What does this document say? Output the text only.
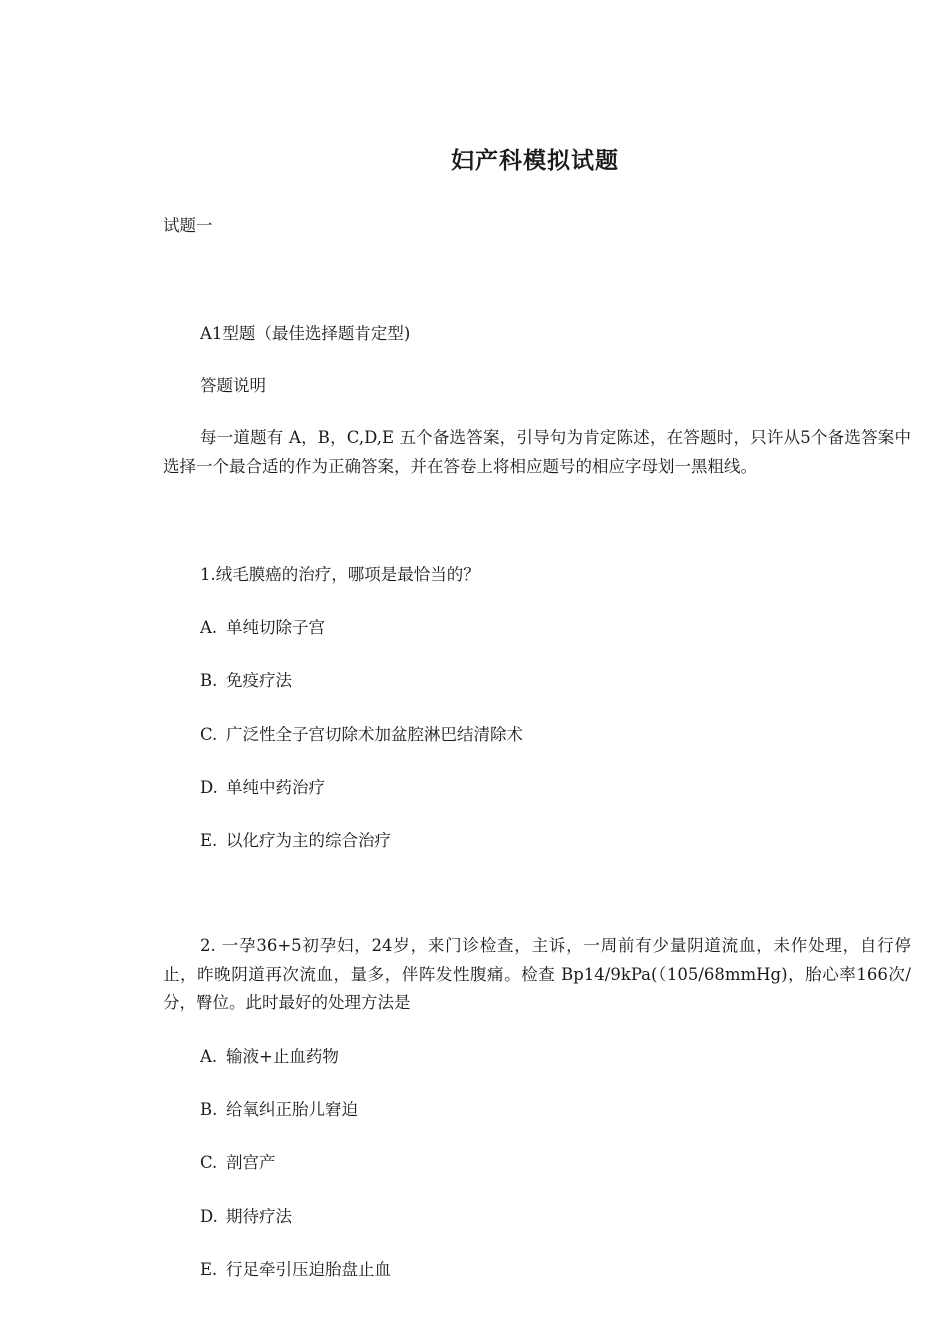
妇产科模拟试题
试题一
A1型题（最佳选择题肯定型)
答题说明
每一道题有 A，B，C,D,E 五个备选答案，引导句为肯定陈述，在答题时，只许从5个备选答案中选择一个最合适的作为正确答案，并在答卷上将相应题号的相应字母划一黑粗线。
1.绒毛膜癌的治疗，哪项是最恰当的？
A. 单纯切除子宫
B. 免疫疗法
C. 广泛性全子宫切除术加盆腔淋巴结清除术
D. 单纯中药治疗
E. 以化疗为主的综合治疗
2. 一孕36+5初孕妇，24岁，来门诊检查，主诉，一周前有少量阴道流血，未作处理，自行停止，昨晚阴道再次流血，量多，伴阵发性腹痛。检查 Bp14/9kPa(（105/68mmHg)，胎心率166次/分，臀位。此时最好的处理方法是
A. 输液+止血药物
B. 给氧纠正胎儿窘迫
C. 剖宫产
D. 期待疗法
E. 行足牵引压迫胎盘止血
